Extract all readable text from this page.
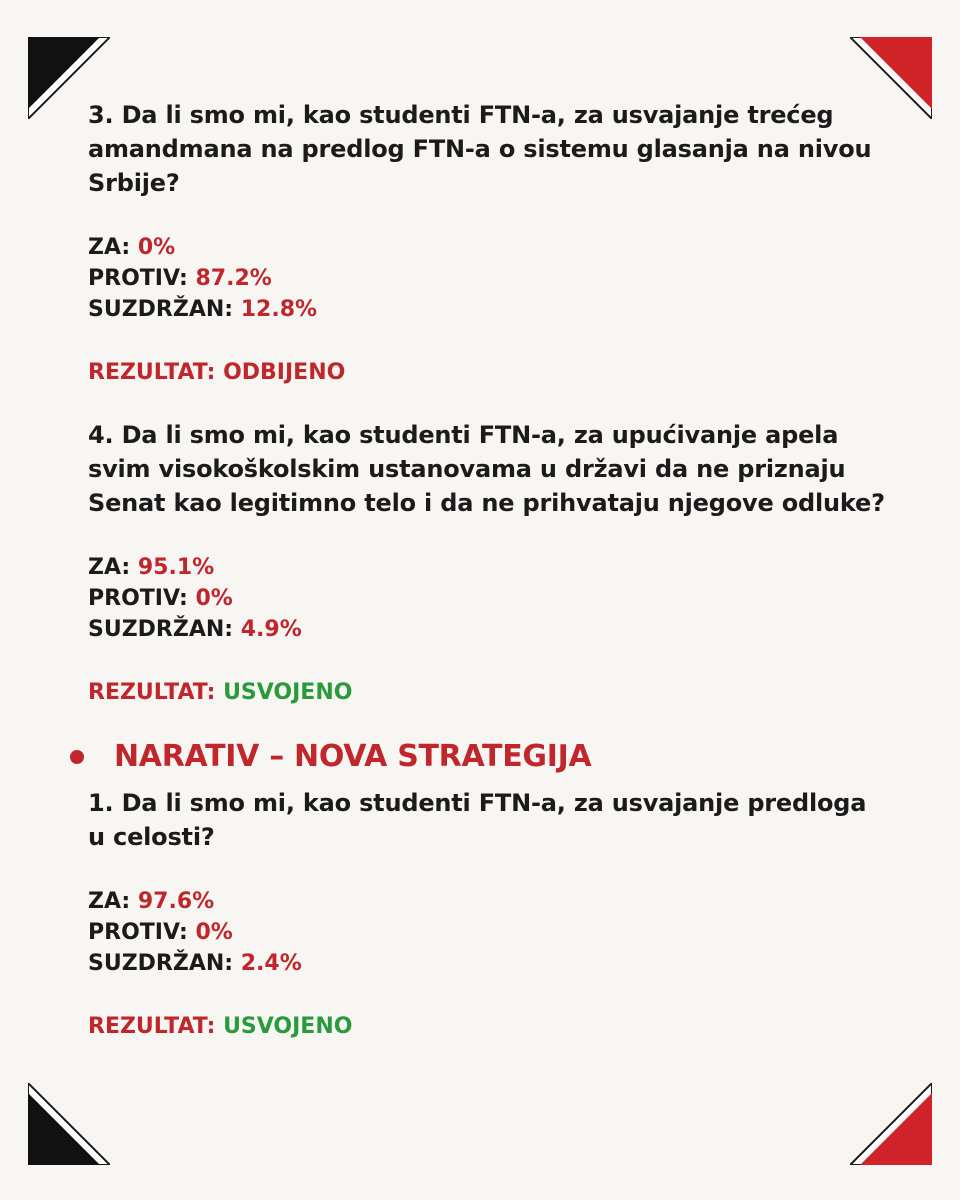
3. Da li smo mi, kao studenti FTN-a, za usvajanje trećeg amandmana na predlog FTN-a o sistemu glasanja na nivou Srbije?

ZA: 0%
PROTIV: 87.2%
SUZDRŽAN: 12.8%
REZULTAT: ODBIJENO

4. Da li smo mi, kao studenti FTN-a, za upućivanje apela svim visokoškolskim ustanovama u državi da ne priznaju Senat kao legitimno telo i da ne prihvataju njegove odluke?

ZA: 95.1%
PROTIV: 0%
SUZDRŽAN: 4.9%
REZULTAT: USVOJENO
NARATIV – NOVA STRATEGIJA

1. Da li smo mi, kao studenti FTN-a, za usvajanje predloga u celosti?

ZA: 97.6%
PROTIV: 0%
SUZDRŽAN: 2.4%
REZULTAT: USVOJENO
